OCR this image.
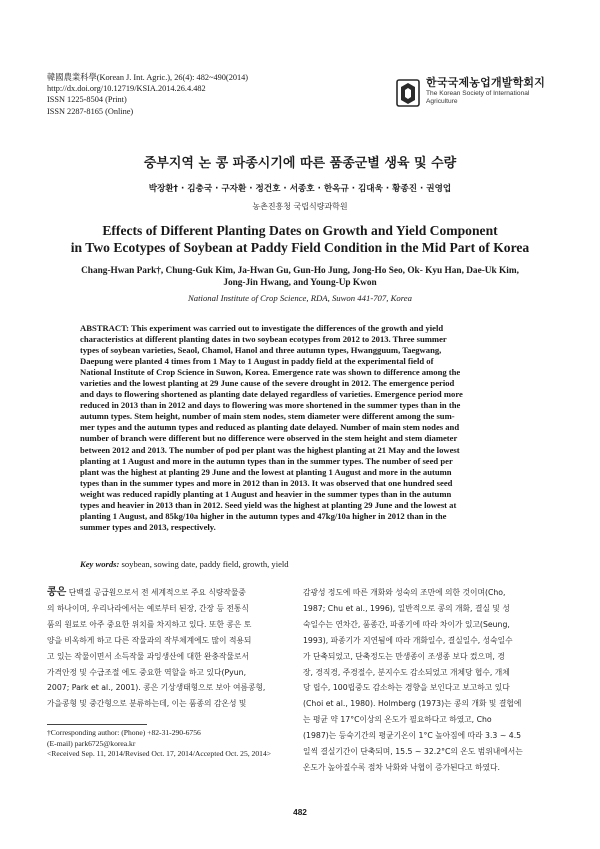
韓國農業科學(Korean J. Int. Agric.), 26(4): 482~490(2014)
http://dx.doi.org/10.12719/KSIA.2014.26.4.482
ISSN 1225-8504 (Print)
ISSN 2287-8165 (Online)
한국국제농업개발학회지
The Korean Society of International
Agriculture
중부지역 논 콩 파종시기에 따른 품종군별 생육 및 수량
박장환† · 김충국 · 구자환 · 정건호 · 서종호 · 한옥규 · 김대욱 · 황종진 · 권영업
농촌진흥청 국립식량과학원
Effects of Different Planting Dates on Growth and Yield Component
in Two Ecotypes of Soybean at Paddy Field Condition in the Mid Part of Korea
Chang-Hwan Park†, Chung-Guk Kim, Ja-Hwan Gu, Gun-Ho Jung, Jong-Ho Seo, Ok- Kyu Han, Dae-Uk Kim,
Jong-Jin Hwang, and Young-Up Kwon
National Institute of Crop Science, RDA, Suwon 441-707, Korea
ABSTRACT: This experiment was carried out to investigate the differences of the growth and yield
characteristics at different planting dates in two soybean ecotypes from 2012 to 2013. Three summer
types of soybean varieties, Seaol, Chamol, Hanol and three autumn types, Hwangguum, Taegwang,
Daepung were planted 4 times from 1 May to 1 August in paddy field at the experimental field of
National Institute of Crop Science in Suwon, Korea. Emergence rate was shown to difference among the
varieties and the lowest planting at 29 June cause of the severe drought in 2012. The emergence period
and days to flowering shortened as planting date delayed regardless of varieties. Emergence period more
reduced in 2013 than in 2012 and days to flowering was more shortened in the summer types than in the
autumn types. Stem height, number of main stem nodes, stem diameter were different among the sum-
mer types and the autumn types and reduced as planting date delayed. Number of main stem nodes and
number of branch were different but no difference were observed in the stem height and stem diameter
between 2012 and 2013. The number of pod per plant was the highest planting at 21 May and the lowest
planting at 1 August and more in the autumn types than in the summer types. The number of seed per
plant was the highest at planting 29 June and the lowest at planting 1 August and more in the autumn
types than in the summer types and more in 2012 than in 2013. It was observed that one hundred seed
weight was reduced rapidly planting at 1 August and heavier in the summer types than in the autumn
types and heavier in 2013 than in 2012. Seed yield was the highest at planting 29 June and the lowest at
planting 1 August, and 85kg/10a higher in the autumn types and 47kg/10a higher in 2012 than in the
summer types and 2013, respectively.
Key words: soybean, sowing date, paddy field, growth, yield
콩은 단백질 공급원으로서 전 세계적으로 주요 식량작물중
의 하나이며, 우리나라에서는 예로부터 된장, 간장 등 전통식
품의 원료로 아주 중요한 위치를 차지하고 있다. 또한 콩은 토
양을 비옥하게 하고 다른 작물과의 작부체계에도 많이 적용되
고 있는 작물이면서 소득작물 과잉생산에 대한 완충작물로서
가격안정 및 수급조절 에도 중요한 역할을 하고 있다(Pyun,
2007; Park et al., 2001). 콩은 기상생태형으로 보아 여름콩형,
가을콩형 및 중간형으로 분류하는데, 이는 품종의 감온성 및
감광성 정도에 따른 개화와 성숙의 조만에 의한 것이며(Cho,
1987; Chu et al., 1996), 일반적으로 콩의 개화, 결실 및 성
숙일수는 연차간, 품종간, 파종기에 따라 차이가 있고(Seung,
1993), 파종기가 지연됨에 따라 개화일수, 결실일수, 성숙일수
가 단축되었고, 단축정도는 만생종이 조생종 보다 컸으며, 경
장, 경직경, 주경절수, 분지수도 감소되었고 개체당 협수, 개체
당 립수, 100립중도 감소하는 경향을 보인다고 보고하고 있다
(Choi et al., 1980). Holmberg (1973)는 콩의 개화 및 결협에
는 평균 약 17°C이상의 온도가 필요하다고 하였고, Cho
(1987)는 등숙기간의 평균기온이 1°C 높아짐에 따라 3.3 ~ 4.5
일씩 결실기간이 단축되며, 15.5 ~ 32.2°C의 온도 범위내에서는
온도가 높아질수록 점차 낙화와 낙협이 증가된다고 하였다.
†Corresponding author: (Phone) +82-31-290-6756
(E-mail) park6725@korea.kr
<Received Sep. 11, 2014/Revised Oct. 17, 2014/Accepted Oct. 25, 2014>
482
